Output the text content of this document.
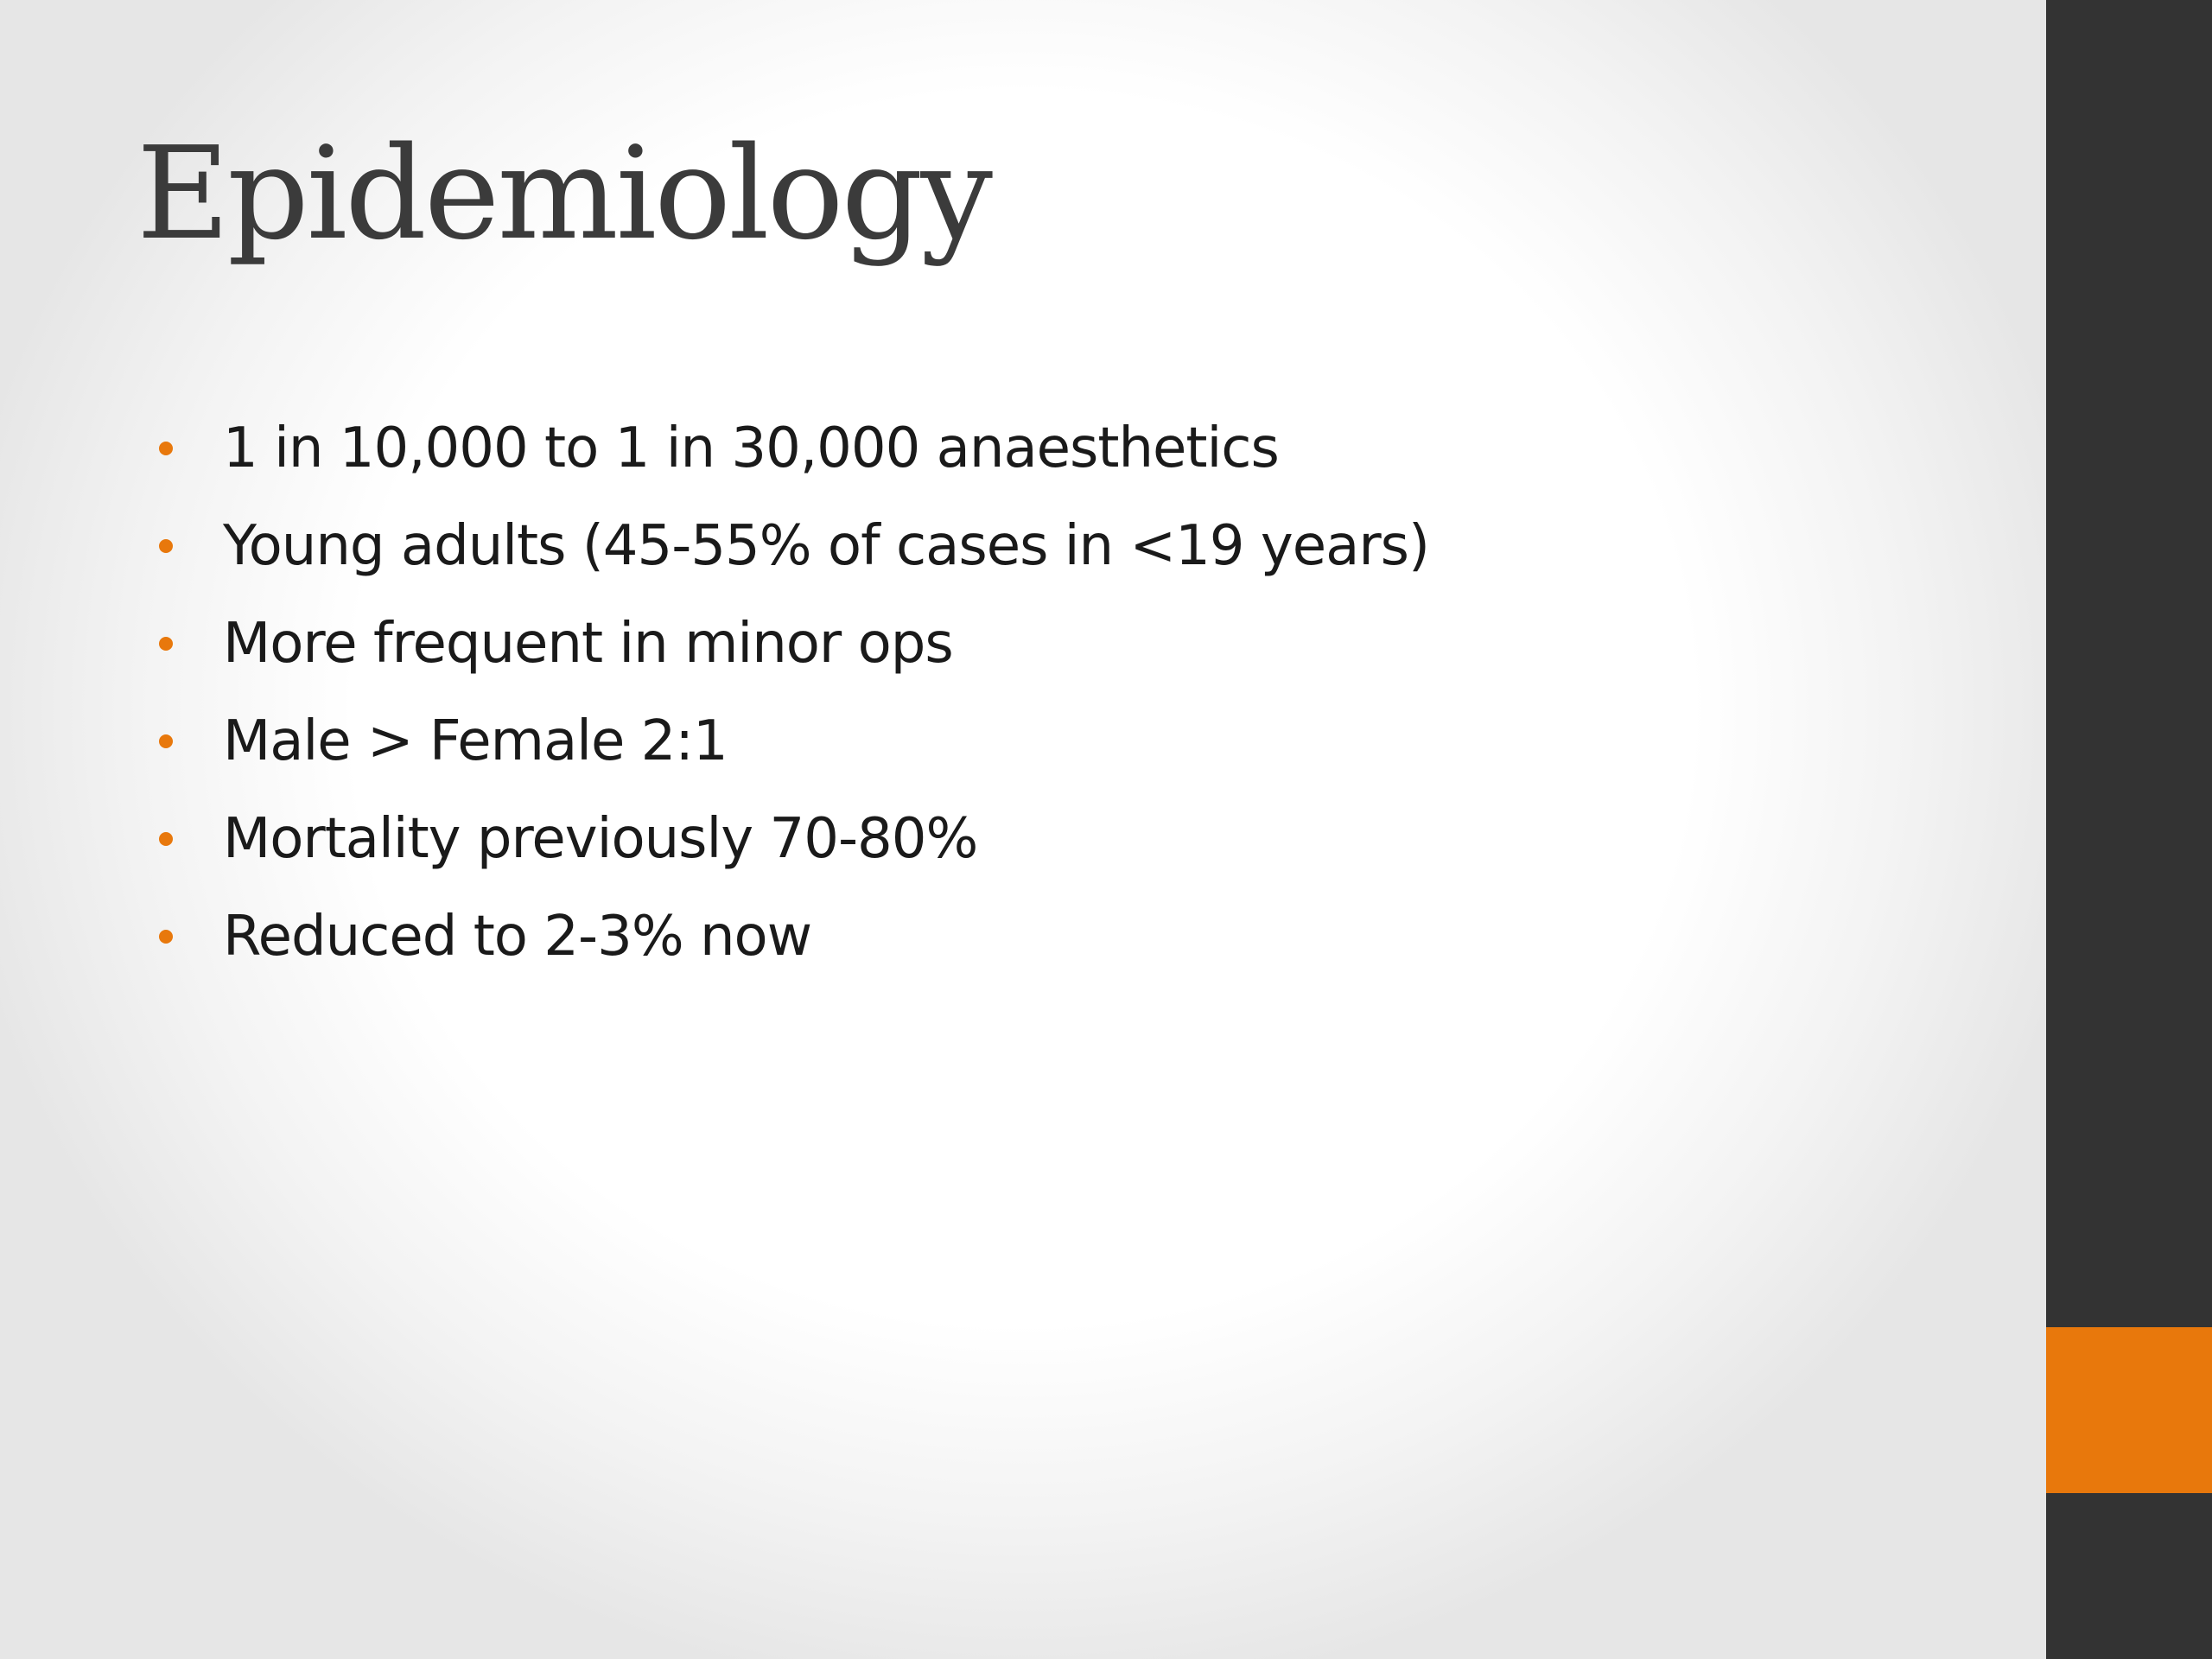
Epidemiology
1 in 10,000 to 1 in 30,000 anaesthetics
Young adults (45-55% of cases in <19 years)
More frequent in minor ops
Male > Female 2:1
Mortality previously 70-80%
Reduced to 2-3% now
